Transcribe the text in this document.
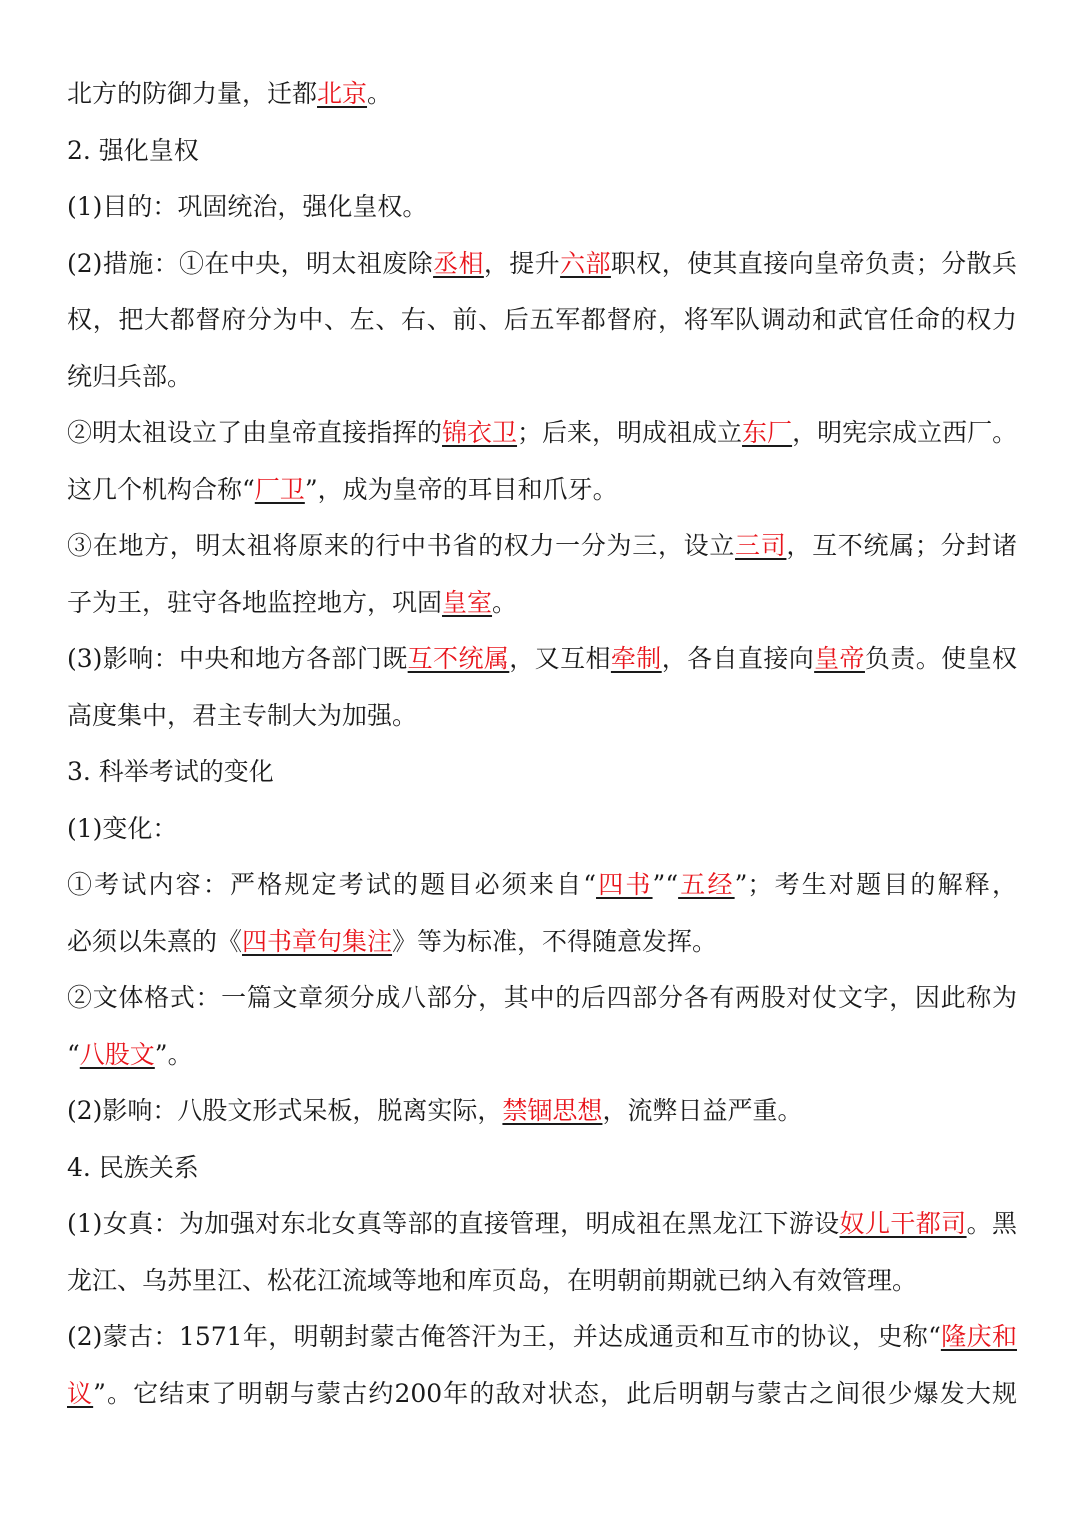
北方的防御力量，迁都北京。
2. 强化皇权
(1)目的：巩固统治，强化皇权。
(2)措施：①在中央，明太祖废除丞相，提升六部职权，使其直接向皇帝负责；分散兵
权，把大都督府分为中、左、右、前、后五军都督府，将军队调动和武官任命的权力
统归兵部。
②明太祖设立了由皇帝直接指挥的锦衣卫；后来，明成祖成立东厂，明宪宗成立西厂。
这几个机构合称“厂卫”，成为皇帝的耳目和爪牙。
③在地方，明太祖将原来的行中书省的权力一分为三，设立三司，互不统属；分封诸
子为王，驻守各地监控地方，巩固皇室。
(3)影响：中央和地方各部门既互不统属，又互相牵制，各自直接向皇帝负责。使皇权
高度集中，君主专制大为加强。
3. 科举考试的变化
(1)变化：
①考试内容：严格规定考试的题目必须来自“四书”“五经”；考生对题目的解释，
必须以朱熹的《四书章句集注》等为标准，不得随意发挥。
②文体格式：一篇文章须分成八部分，其中的后四部分各有两股对仗文字，因此称为
“八股文”。
(2)影响：八股文形式呆板，脱离实际，禁锢思想，流弊日益严重。
4. 民族关系
(1)女真：为加强对东北女真等部的直接管理，明成祖在黑龙江下游设奴儿干都司。黑
龙江、乌苏里江、松花江流域等地和库页岛，在明朝前期就已纳入有效管理。
(2)蒙古：1571年，明朝封蒙古俺答汗为王，并达成通贡和互市的协议，史称“隆庆和
议”。它结束了明朝与蒙古约200年的敌对状态，此后明朝与蒙古之间很少爆发大规
